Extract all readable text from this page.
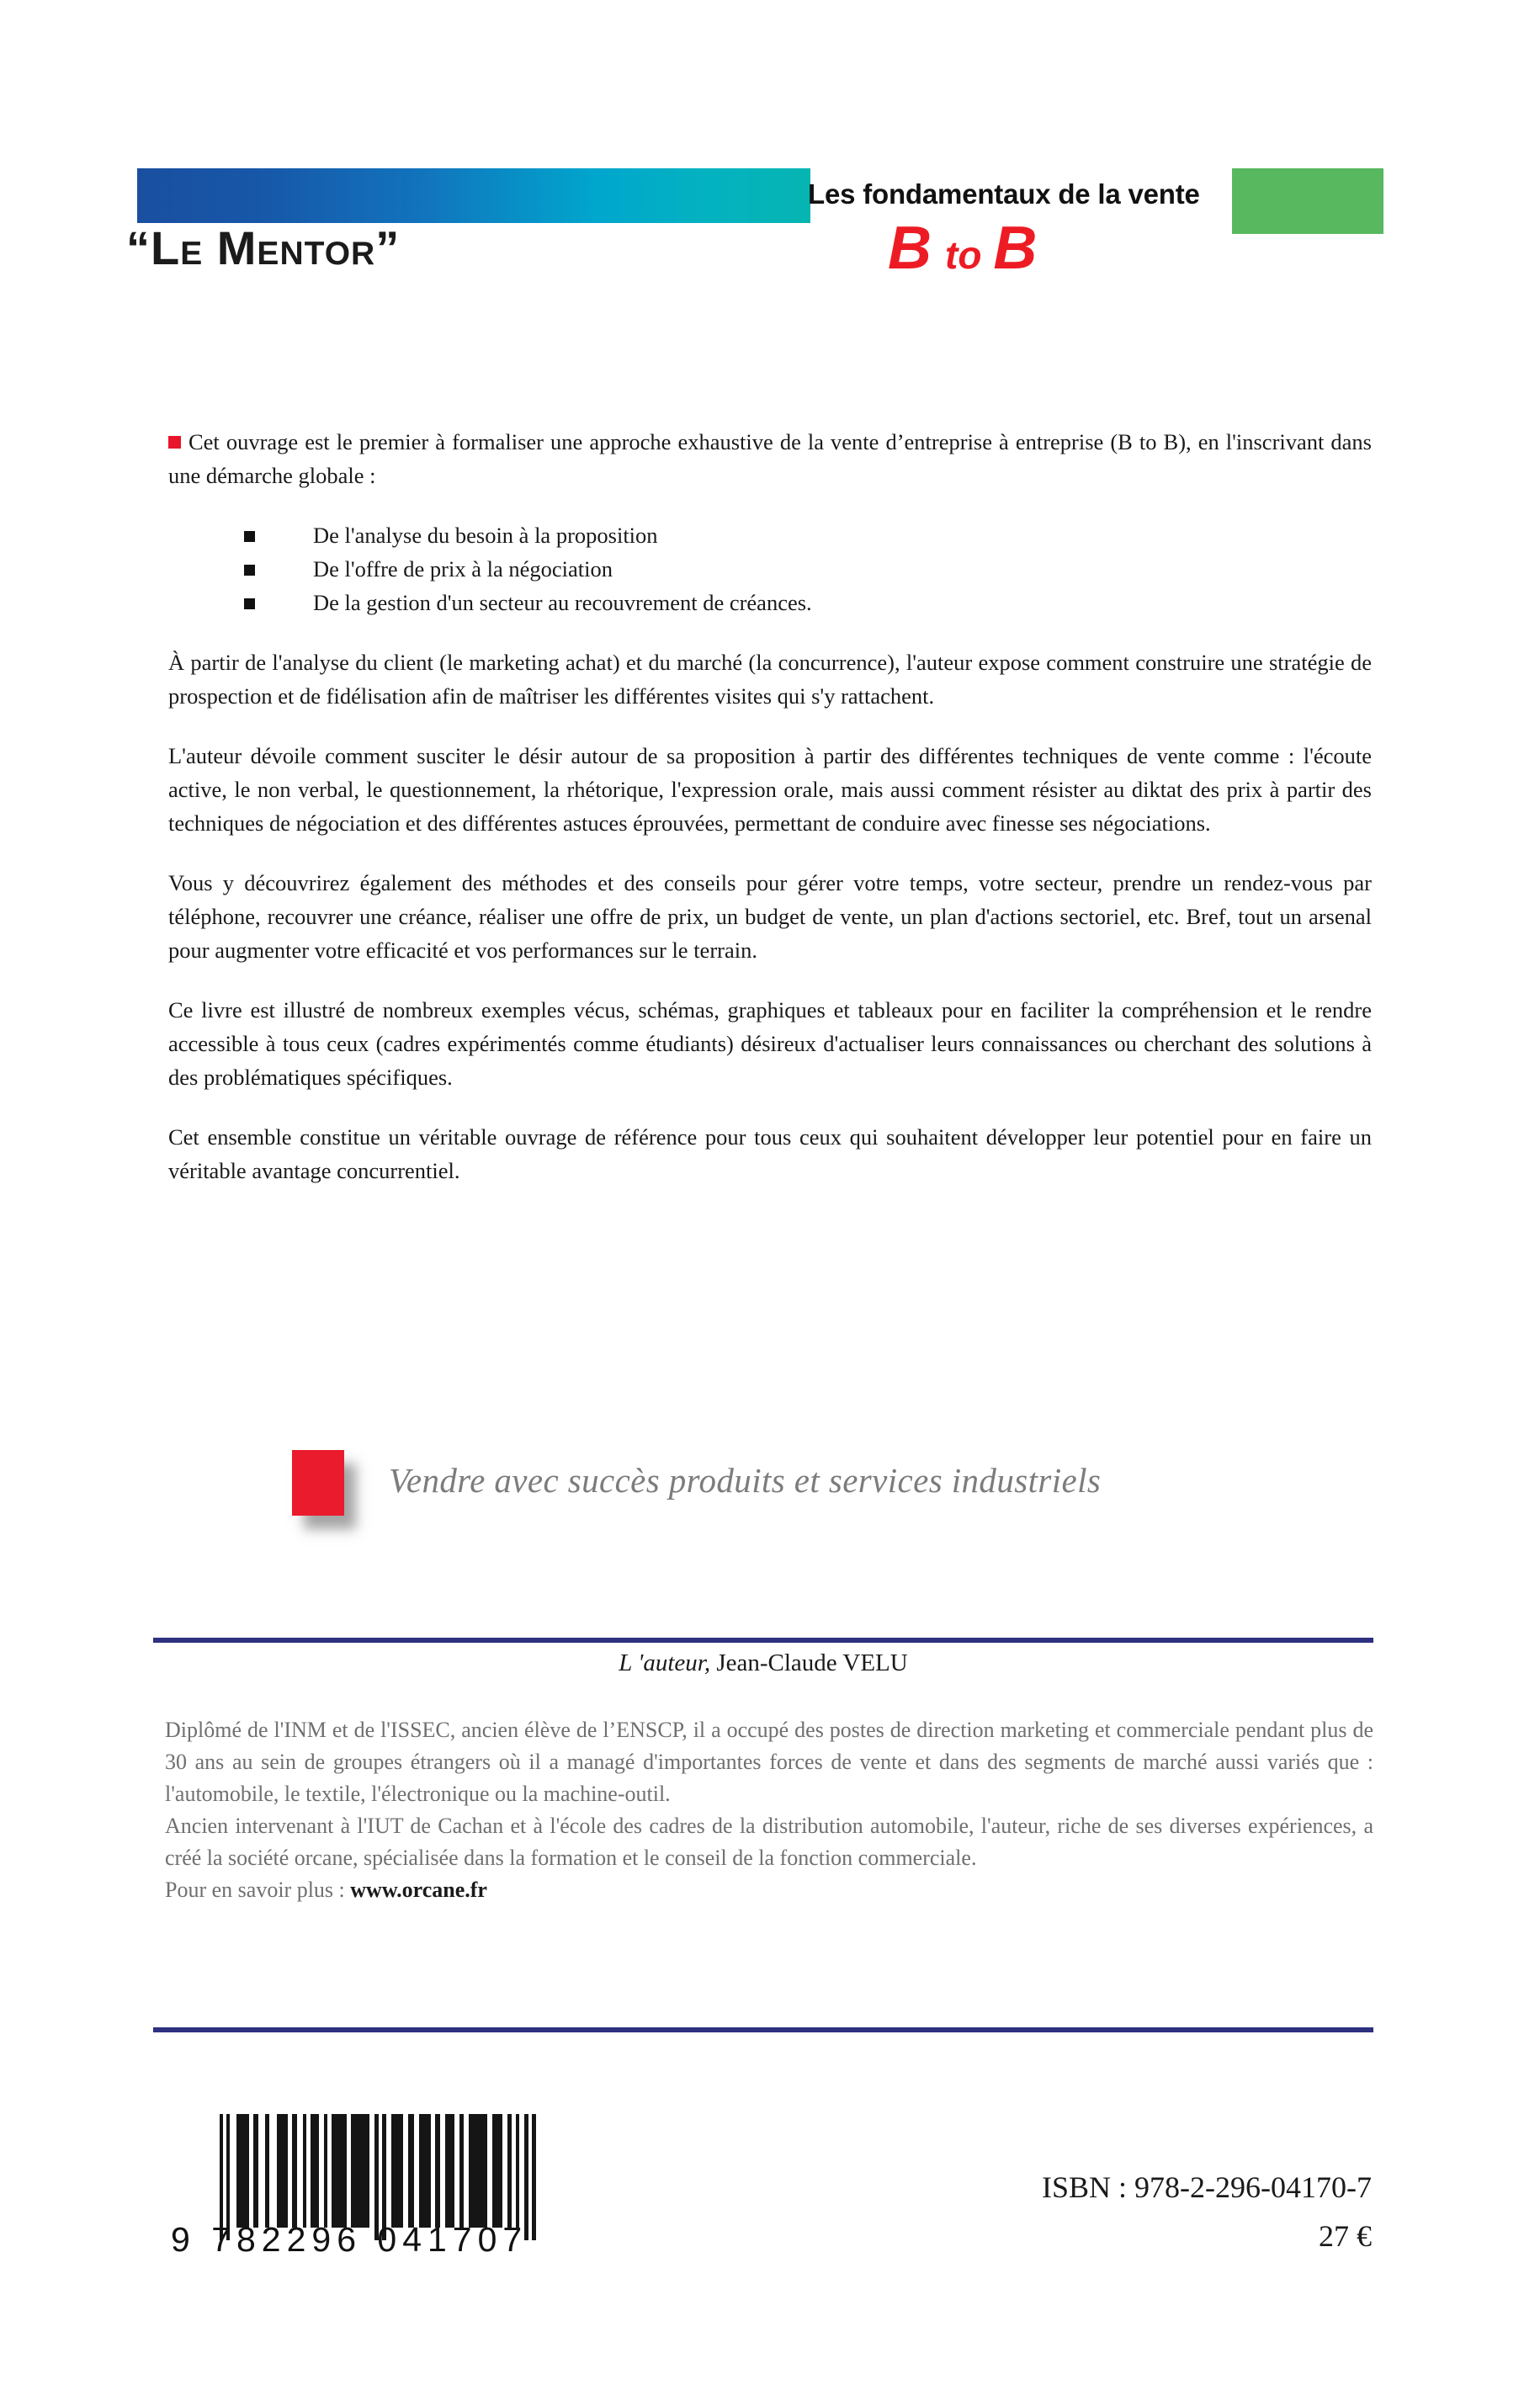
Les fondamentaux de la vente
“Le Mentor”	Bto B

Cet ouvrage est le premier à formaliser une approche exhaustive de la vente d’entreprise à entreprise (B to B), en l'inscrivant dans une démarche globale :

De l'analyse du besoin à la proposition
De l'offre de prix à la négociation
De la gestion d'un secteur au recouvrement de créances.

À partir de l'analyse du client (le marketing achat) et du marché (la concurrence), l'auteur expose comment construire une stratégie de prospection et de fidélisation afin de maîtriser les différentes visites qui s'y rattachent.

L'auteur dévoile comment susciter le désir autour de sa proposition à partir des différentes techniques de vente comme : l'écoute active, le non verbal, le questionnement, la rhétorique, l'expression orale, mais aussi comment résister au diktat des prix à partir des techniques de négociation et des différentes astuces éprouvées, permettant de conduire avec finesse ses négociations.

Vous y découvrirez également des méthodes et des conseils pour gérer votre temps, votre secteur, prendre un rendez-vous par téléphone, recouvrer une créance, réaliser une offre de prix, un budget de vente, un plan d'actions sectoriel, etc. Bref, tout un arsenal pour augmenter votre efficacité et vos performances sur le terrain.

Ce livre est illustré de nombreux exemples vécus, schémas, graphiques et tableaux pour en faciliter la compréhension et le rendre accessible à tous ceux (cadres expérimentés comme étudiants) désireux d'actualiser leurs connaissances ou cherchant des solutions à des problématiques spécifiques.

Cet ensemble constitue un véritable ouvrage de référence pour tous ceux qui souhaitent développer leur potentiel pour en faire un véritable avantage concurrentiel.

Vendre avec succès produits et services industriels
L 'auteur, Jean-Claude VELU

Diplômé de l'INM et de l'ISSEC, ancien élève de l’ENSCP, il a occupé des postes de direction marketing et commerciale pendant plus de 30 ans au sein de groupes étrangers où il a managé d'importantes forces de vente et dans des segments de marché aussi variés que : l'automobile, le textile, l'électronique ou la machine-outil.

Ancien intervenant à l'IUT de Cachan et à l'école des cadres de la distribution automobile, l'auteur, riche de ses diverses expériences, a créé la société orcane, spécialisée dans la formation et le conseil de la fonction commerciale.

Pour en savoir plus : www.orcane.fr

9 782296 041707
ISBN : 978-2-296-04170-7
27 €
